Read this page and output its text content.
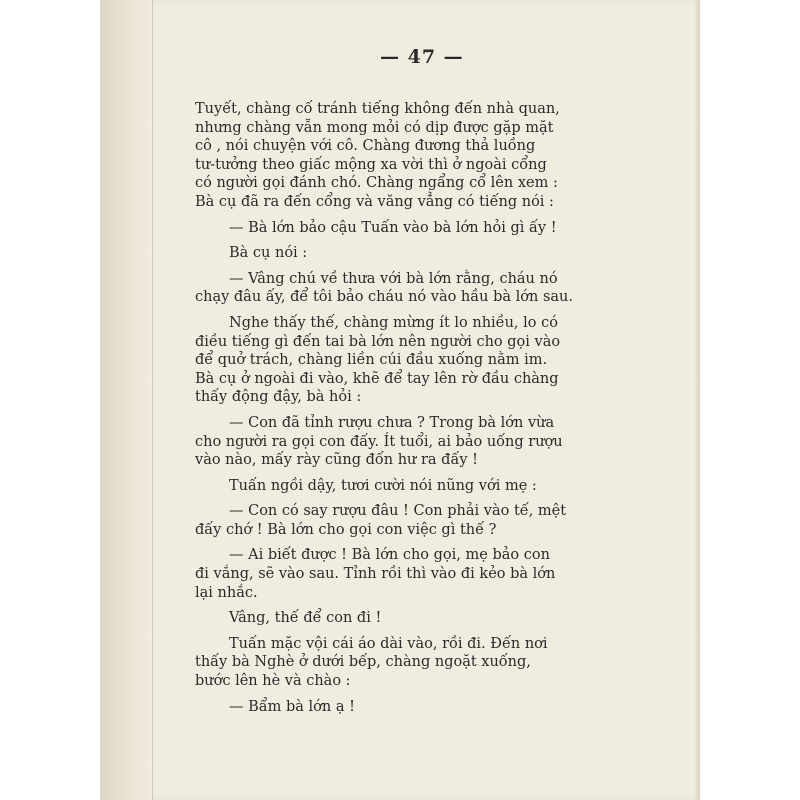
— 47 —

Tuyết, chàng cố tránh tiếng không đến nhà quan,

nhưng chàng vẫn mong mỏi có dịp được gặp mặt

cô , nói chuyện với cô. Chàng đương thả luồng

tư-tưởng theo giấc mộng xa vời thì ở ngoài cổng

có người gọi đánh chó. Chàng ngẩng cổ lên xem :

Bà cụ đã ra đến cổng và văng vẳng có tiếng nói :

— Bà lớn bảo cậu Tuấn vào bà lớn hỏi gì ấy !

Bà cụ nói :

— Vâng chú về thưa với bà lớn rằng, cháu nó

chạy đâu ấy, để tôi bảo cháu nó vào hầu bà lớn sau.

Nghe thấy thế, chàng mừng ít lo nhiều, lo có

điều tiếng gì đến tai bà lớn nên người cho gọi vào

để quở trách, chàng liền cúi đầu xuống nằm im.

Bà cụ ở ngoài đi vào, khẽ để tay lên rờ đầu chàng

thấy động đậy, bà hỏi :

— Con đã tỉnh rượu chưa ? Trong bà lớn vừa

cho người ra gọi con đấy. Ít tuổi, ai bảo uống rượu

vào nào, mấy rày cũng đốn hư ra đấy !

Tuấn ngồi dậy, tươi cười nói nũng với mẹ :

— Con có say rượu đâu ! Con phải vào tế, mệt

đấy chớ ! Bà lớn cho gọi con việc gì thế ?

— Ai biết được ! Bà lớn cho gọi, mẹ bảo con

đi vắng, sẽ vào sau. Tỉnh rồi thì vào đi kẻo bà lớn

lại nhắc.

Vâng, thế để con đi !

Tuấn mặc vội cái áo dài vào, rồi đi. Đến nơi

thấy bà Nghè ở dưới bếp, chàng ngoặt xuống,

bước lên hè và chào :

— Bẩm bà lớn ạ !
